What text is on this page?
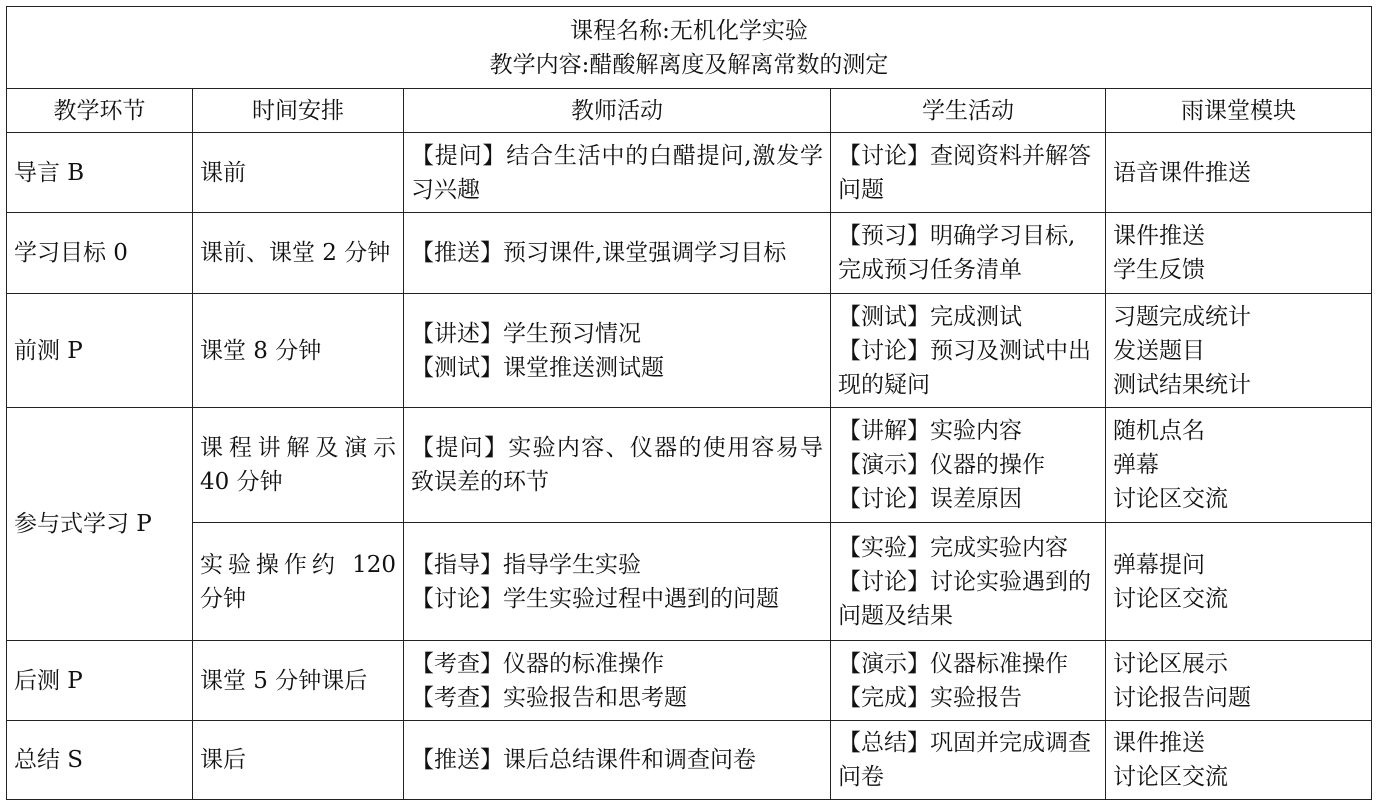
课程名称:无机化学实验
教学内容:醋酸解离度及解离常数的测定				

教学环节	时间安排	教师活动	学生活动	雨课堂模块
导言 B	课前	【提问】结合生活中的白醋提问,激发学习兴趣	【讨论】查阅资料并解答问题	语音课件推送

学习目标 0	课前、课堂 2 分钟	【推送】预习课件,课堂强调学习目标	【预习】明确学习目标,完成预习任务清单	课件推送
学生反馈

前测 P	课堂 8 分钟	【讲述】学生预习情况
【测试】课堂推送测试题	【测试】完成测试
【讨论】预习及测试中出现的疑问	习题完成统计
发送题目
测试结果统计

参与式学习 P	课程讲解及演示 40 分钟	【提问】实验内容、仪器的使用容易导致误差的环节	【讲解】实验内容
【演示】仪器的操作
【讨论】误差原因	随机点名
弹幕
讨论区交流

	实验操作约 120 分钟	【指导】指导学生实验
【讨论】学生实验过程中遇到的问题	【实验】完成实验内容
【讨论】讨论实验遇到的问题及结果	弹幕提问
讨论区交流

后测 P	课堂 5 分钟课后	【考查】仪器的标准操作
【考查】实验报告和思考题	【演示】仪器标准操作
【完成】实验报告	讨论区展示
讨论报告问题

总结 S	课后	【推送】课后总结课件和调查问卷	【总结】巩固并完成调查问卷	课件推送
讨论区交流
